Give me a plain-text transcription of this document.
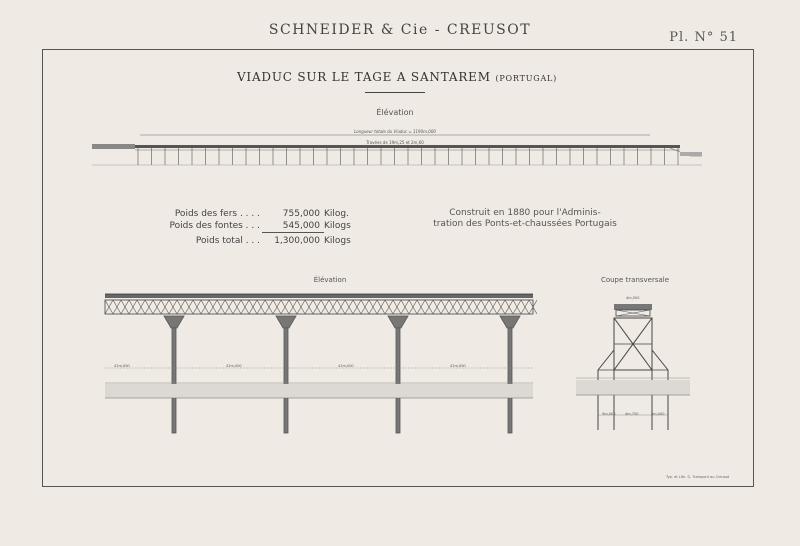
SCHNEIDER & Cie - CREUSOT	Pl. N° 51
VIADUC SUR LE TAGE A SANTAREM (PORTUGAL)
Élévation
Longueur totale du Viaduc = 1190m,000
Travées de 19m,25 et 2m,60
Poids des fers . . . .	755,000 Kilog.
Poids des fontes . . .	545,000 Kilogs
Poids total . . .	1,300,000 Kilogs
Construit en 1880 pour l'Adminis-
tration des Ponts-et-chaussées Portugais
Élévation
41m,000	41m,000	41m,000	41m,000
Coupe transversale
4m,500
5m,000	4m,750	5m,000
Typ. et Lith. G. Trampont au Creusot
